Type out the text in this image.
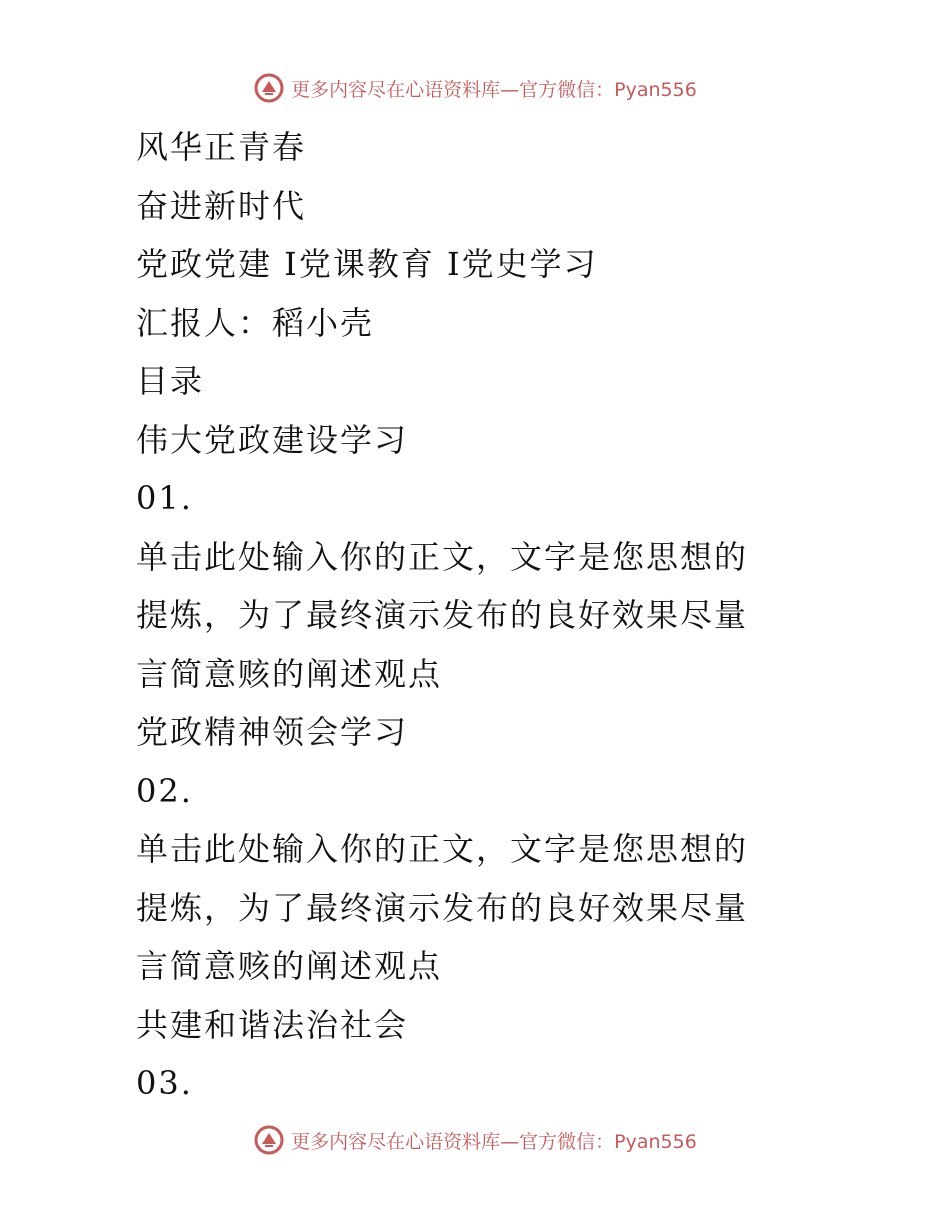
更多内容尽在心语资料库—官方微信：Pyan556
风华正青春
奋进新时代
党政党建 I党课教育 I党史学习
汇报人：稻小壳
目录
伟大党政建设学习
01.
单击此处输入你的正文，文字是您思想的
提炼，为了最终演示发布的良好效果尽量
言简意赅的阐述观点
党政精神领会学习
02.
单击此处输入你的正文，文字是您思想的
提炼，为了最终演示发布的良好效果尽量
言简意赅的阐述观点
共建和谐法治社会
03.
更多内容尽在心语资料库—官方微信：Pyan556
